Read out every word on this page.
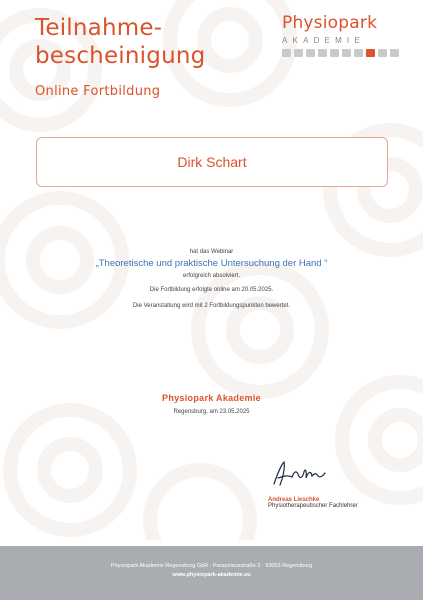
Teilnahme-
bescheinigung
Online Fortbildung
Physiopark
AKADEMIE
Dirk Schart
hat das Webinar
„Theoretische und praktische Untersuchung der Hand “
erfolgreich absolviert.
Die Fortbildung erfolgte online am 20.05.2025.
Die Veranstaltung wird mit 2 Fortbildungspunkten bewertet.
Physiopark Akademie
Regensburg, am 23.05.2025
Andreas Lieschke
Physiotherapeutischer Fachlehrer
Physiopark Akademie Regensburg GbR · Paracelsusstraße 2 · 93053 Regensburg
www.physiopark-akademie.eu
